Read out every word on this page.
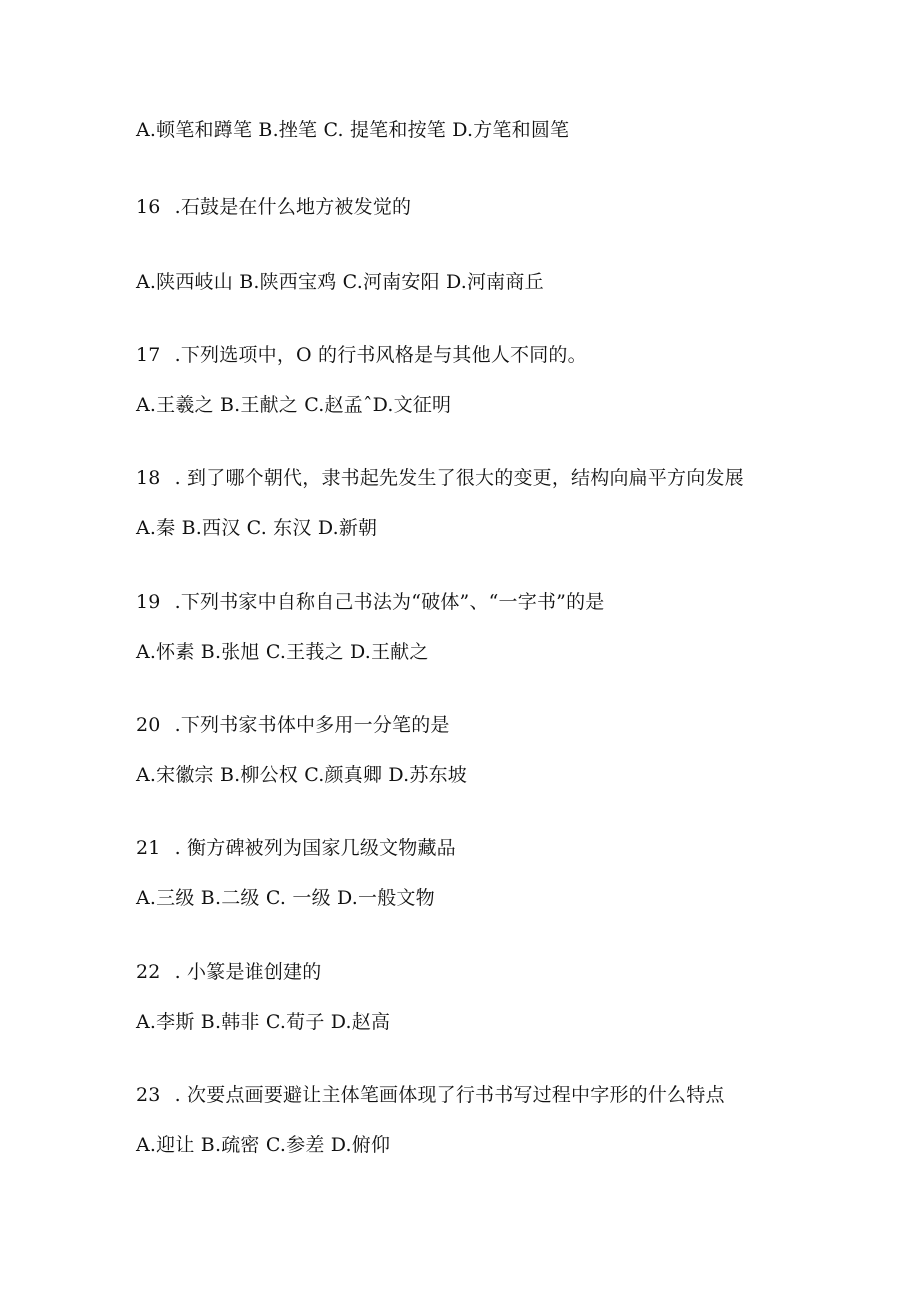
A.顿笔和蹲笔 B.挫笔 C. 提笔和按笔 D.方笔和圆笔
16 .石鼓是在什么地方被发觉的
A.陕西岐山 B.陕西宝鸡 C.河南安阳 D.河南商丘
17 .下列选项中，O 的行书风格是与其他人不同的。
A.王羲之 B.王献之 C.赵孟ˆD.文征明
18 . 到了哪个朝代，隶书起先发生了很大的变更，结构向扁平方向发展
A.秦 B.西汉 C. 东汉 D.新朝
19 .下列书家中自称自己书法为“破体”、“一字书”的是
A.怀素 B.张旭 C.王莪之 D.王献之
20 .下列书家书体中多用一分笔的是
A.宋徽宗 B.柳公权 C.颜真卿 D.苏东坡
21 . 衡方碑被列为国家几级文物藏品
A.三级 B.二级 C. 一级 D.一般文物
22 . 小篆是谁创建的
A.李斯 B.韩非 C.荀子 D.赵高
23 . 次要点画要避让主体笔画体现了行书书写过程中字形的什么特点
A.迎让 B.疏密 C.参差 D.俯仰
